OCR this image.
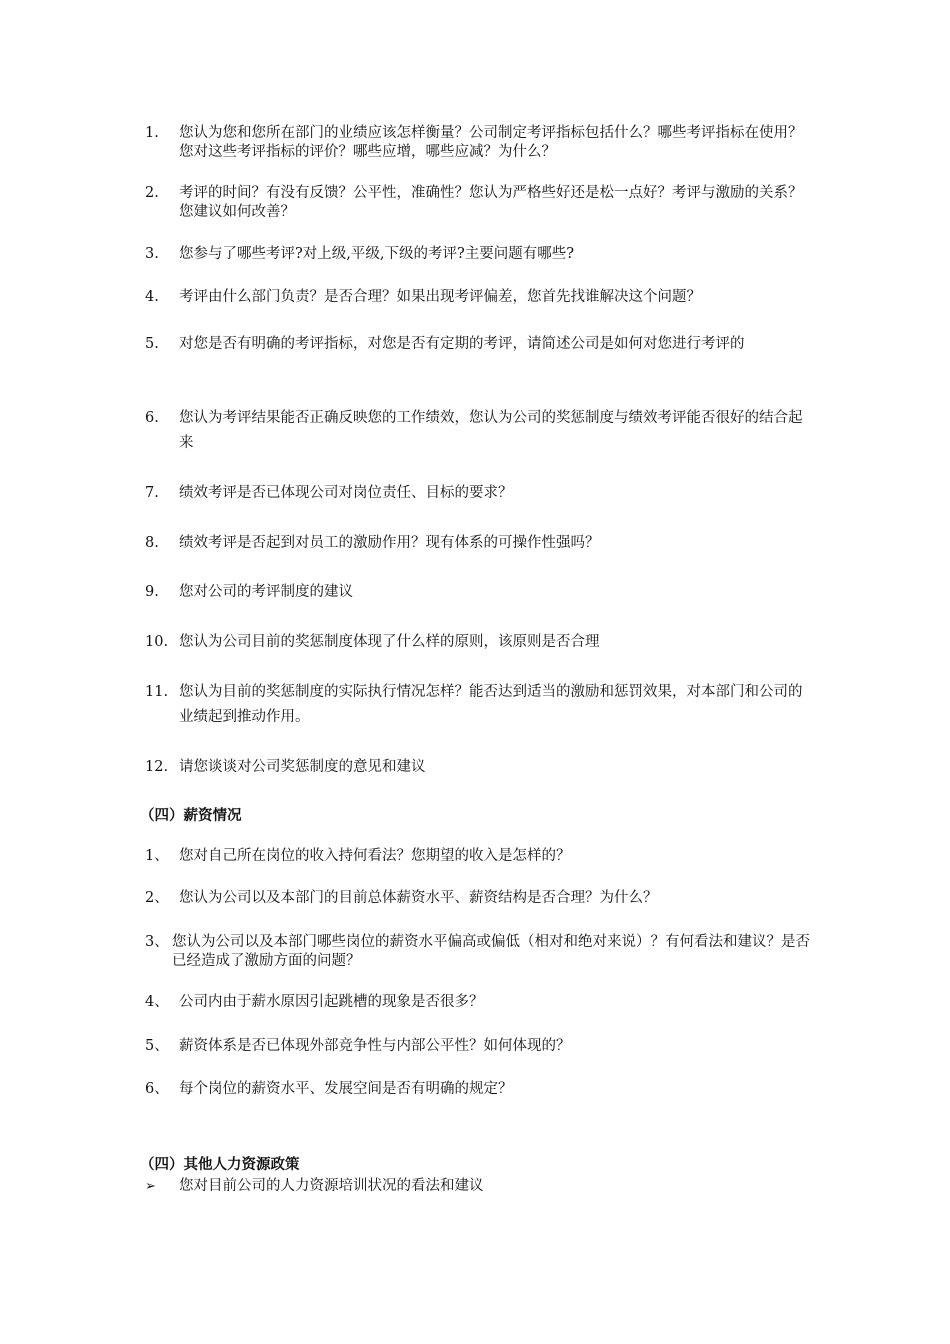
1.	您认为您和您所在部门的业绩应该怎样衡量？公司制定考评指标包括什么？哪些考评指标在使用？您对这些考评指标的评价？哪些应增，哪些应减？为什么？
2.	考评的时间？有没有反馈？公平性，准确性？您认为严格些好还是松一点好？考评与激励的关系？您建议如何改善？
3.	您参与了哪些考评?对上级,平级,下级的考评?主要问题有哪些?
4.	考评由什么部门负责？是否合理？如果出现考评偏差，您首先找谁解决这个问题？
5.	对您是否有明确的考评指标，对您是否有定期的考评，请简述公司是如何对您进行考评的
6.	您认为考评结果能否正确反映您的工作绩效，您认为公司的奖惩制度与绩效考评能否很好的结合起来
7.	绩效考评是否已体现公司对岗位责任、目标的要求？
8.	绩效考评是否起到对员工的激励作用？现有体系的可操作性强吗？
9.	您对公司的考评制度的建议
10. 您认为公司目前的奖惩制度体现了什么样的原则，该原则是否合理
11. 您认为目前的奖惩制度的实际执行情况怎样？能否达到适当的激励和惩罚效果，对本部门和公司的业绩起到推动作用。
12. 请您谈谈对公司奖惩制度的意见和建议
（四）薪资情况
1、 您对自己所在岗位的收入持何看法？您期望的收入是怎样的？
2、 您认为公司以及本部门的目前总体薪资水平、薪资结构是否合理？为什么？
3、 您认为公司以及本部门哪些岗位的薪资水平偏高或偏低（相对和绝对来说）？有何看法和建议？是否已经造成了激励方面的问题？
4、 公司内由于薪水原因引起跳槽的现象是否很多？
5、 薪资体系是否已体现外部竞争性与内部公平性？如何体现的？
6、 每个岗位的薪资水平、发展空间是否有明确的规定？
（四）其他人力资源政策
➢	您对目前公司的人力资源培训状况的看法和建议
